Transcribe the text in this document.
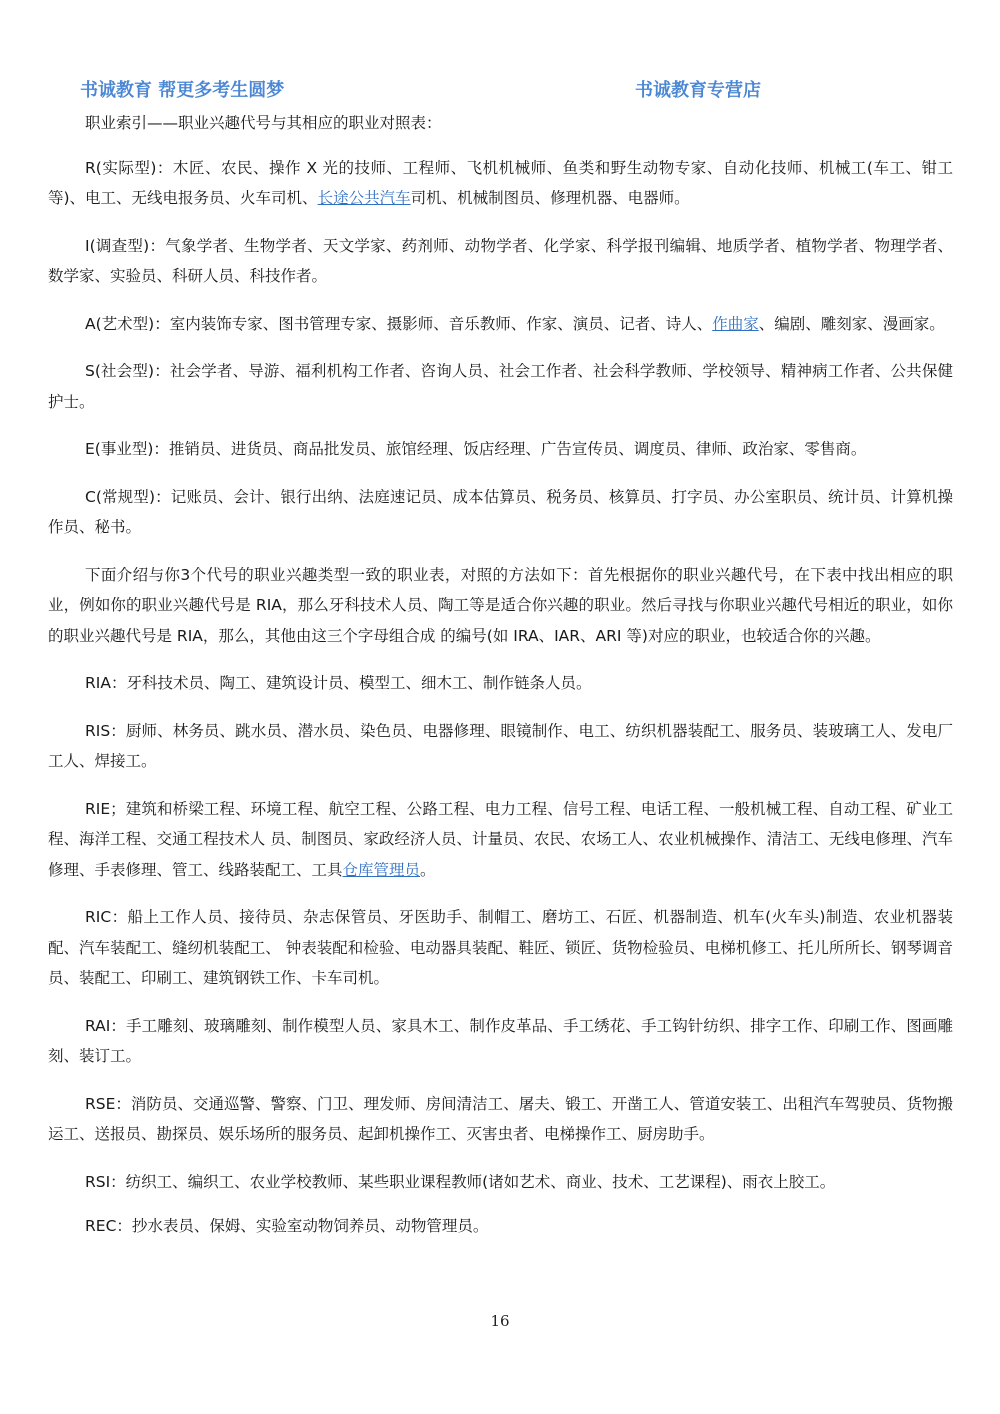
书诚教育 帮更多考生圆梦	书诚教育专营店

职业索引——职业兴趣代号与其相应的职业对照表：

R(实际型)：木匠、农民、操作 X 光的技师、工程师、飞机机械师、鱼类和野生动物专家、自动化技师、机械工(车工、钳工等)、电工、无线电报务员、火车司机、长途公共汽车司机、机械制图员、修理机器、电器师。

I(调查型)：气象学者、生物学者、天文学家、药剂师、动物学者、化学家、科学报刊编辑、地质学者、植物学者、物理学者、数学家、实验员、科研人员、科技作者。

A(艺术型)：室内装饰专家、图书管理专家、摄影师、音乐教师、作家、演员、记者、诗人、作曲家、编剧、雕刻家、漫画家。

S(社会型)：社会学者、导游、福利机构工作者、咨询人员、社会工作者、社会科学教师、学校领导、精神病工作者、公共保健护士。

E(事业型)：推销员、进货员、商品批发员、旅馆经理、饭店经理、广告宣传员、调度员、律师、政治家、零售商。

C(常规型)：记账员、会计、银行出纳、法庭速记员、成本估算员、税务员、核算员、打字员、办公室职员、统计员、计算机操作员、秘书。

下面介绍与你3个代号的职业兴趣类型一致的职业表，对照的方法如下：首先根据你的职业兴趣代号，在下表中找出相应的职业，例如你的职业兴趣代号是 RIA，那么牙科技术人员、陶工等是适合你兴趣的职业。然后寻找与你职业兴趣代号相近的职业，如你的职业兴趣代号是 RIA，那么，其他由这三个字母组合成 的编号(如 IRA、IAR、ARI 等)对应的职业，也较适合你的兴趣。

RIA：牙科技术员、陶工、建筑设计员、模型工、细木工、制作链条人员。

RIS：厨师、林务员、跳水员、潜水员、染色员、电器修理、眼镜制作、电工、纺织机器装配工、服务员、装玻璃工人、发电厂工人、焊接工。

RIE；建筑和桥梁工程、环境工程、航空工程、公路工程、电力工程、信号工程、电话工程、一般机械工程、自动工程、矿业工程、海洋工程、交通工程技术人 员、制图员、家政经济人员、计量员、农民、农场工人、农业机械操作、清洁工、无线电修理、汽车修理、手表修理、管工、线路装配工、工具仓库管理员。

RIC：船上工作人员、接待员、杂志保管员、牙医助手、制帽工、磨坊工、石匠、机器制造、机车(火车头)制造、农业机器装配、汽车装配工、缝纫机装配工、 钟表装配和检验、电动器具装配、鞋匠、锁匠、货物检验员、电梯机修工、托儿所所长、钢琴调音员、装配工、印刷工、建筑钢铁工作、卡车司机。

RAI：手工雕刻、玻璃雕刻、制作模型人员、家具木工、制作皮革品、手工绣花、手工钩针纺织、排字工作、印刷工作、图画雕刻、装订工。

RSE：消防员、交通巡警、警察、门卫、理发师、房间清洁工、屠夫、锻工、开凿工人、管道安装工、出租汽车驾驶员、货物搬运工、送报员、勘探员、娱乐场所的服务员、起卸机操作工、灭害虫者、电梯操作工、厨房助手。

RSI：纺织工、编织工、农业学校教师、某些职业课程教师(诸如艺术、商业、技术、工艺课程)、雨衣上胶工。

REC：抄水表员、保姆、实验室动物饲养员、动物管理员。

16
